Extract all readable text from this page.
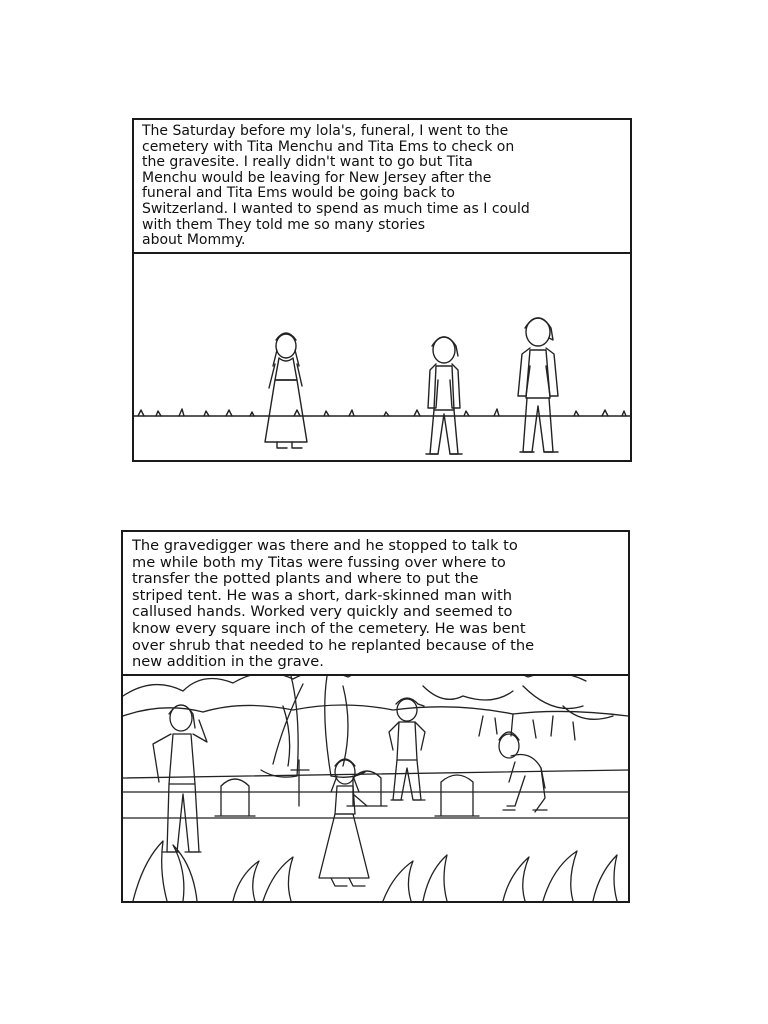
The Saturday before my lola's, funeral, I went to the
cemetery with Tita Menchu and Tita Ems to check on
the gravesite. I really didn't want to go but Tita
Menchu would be leaving for New Jersey after the
funeral and Tita Ems would be going back to
Switzerland. I wanted to spend as much time as I could
with them They told me so many stories
about Mommy.
The gravedigger was there and he stopped to talk to
me while both my Titas were fussing over where to
transfer the potted plants and where to put the
striped tent. He was a short, dark-skinned man with
callused hands. Worked very quickly and seemed to
know every square inch of the cemetery. He was bent
over shrub that needed to he replanted because of the
new addition in the grave.
